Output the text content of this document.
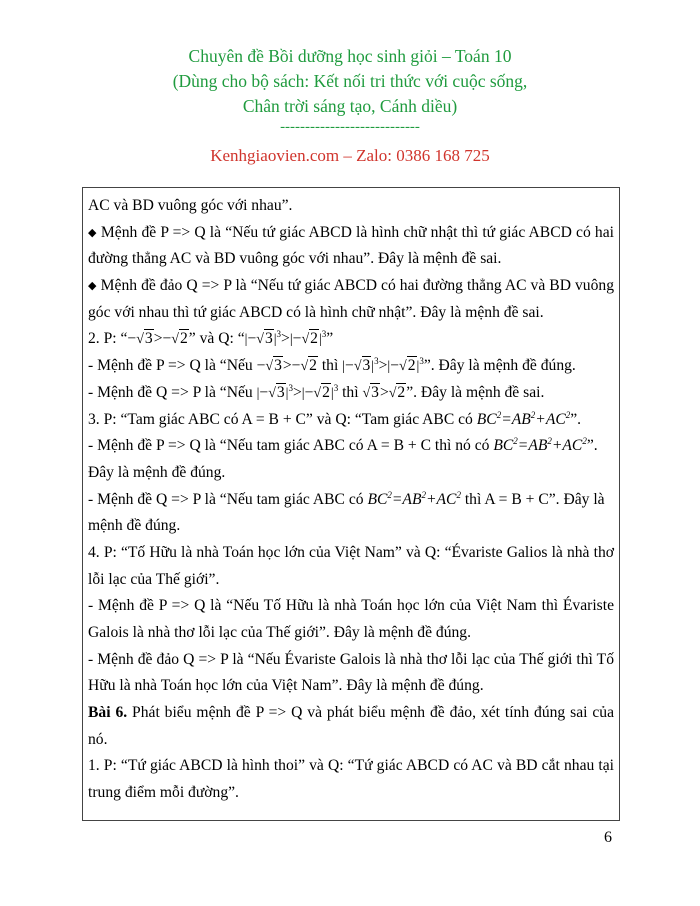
Chuyên đề Bồi dưỡng học sinh giỏi – Toán 10
(Dùng cho bộ sách: Kết nối tri thức với cuộc sống,
Chân trời sáng tạo, Cánh diều)
----------------------------
Kenhgiaovien.com – Zalo: 0386 168 725
AC và BD vuông góc với nhau”.
◆ Mệnh đề P => Q là “Nếu tứ giác ABCD là hình chữ nhật thì tứ giác ABCD có hai
đường thẳng AC và BD vuông góc với nhau”. Đây là mệnh đề sai.
◆ Mệnh đề đảo Q => P là “Nếu tứ giác ABCD có hai đường thẳng AC và BD vuông
góc với nhau thì tứ giác ABCD có là hình chữ nhật”. Đây là mệnh đề sai.
2. P: “−√3>−√2” và Q: “$|-√3|^3>|-√2|^3$”
- Mệnh đề P => Q là “Nếu −√3>−√2 thì $|-√3|^3>|-√2|^3$”. Đây là mệnh đề đúng.
- Mệnh đề Q => P là “Nếu $|-√3|^3>|-√2|^3$ thì √3>√2”. Đây là mệnh đề sai.
3. P: “Tam giác ABC có A = B + C” và Q: “Tam giác ABC có $BC^2=AB^2+AC^2$”.
- Mệnh đề P => Q là “Nếu tam giác ABC có A = B + C thì nó có $BC^2=AB^2+AC^2$”.
Đây là mệnh đề đúng.
- Mệnh đề Q => P là “Nếu tam giác ABC có $BC^2=AB^2+AC^2$ thì A = B + C”. Đây là
mệnh đề đúng.
4. P: “Tố Hữu là nhà Toán học lớn của Việt Nam” và Q: “Évariste Galios là nhà thơ
lỗi lạc của Thế giới”.
- Mệnh đề P => Q là “Nếu Tố Hữu là nhà Toán học lớn của Việt Nam thì Évariste
Galois là nhà thơ lỗi lạc của Thế giới”. Đây là mệnh đề đúng.
- Mệnh đề đảo Q => P là “Nếu Évariste Galois là nhà thơ lỗi lạc của Thế giới thì Tố
Hữu là nhà Toán học lớn của Việt Nam”. Đây là mệnh đề đúng.
Bài 6. Phát biểu mệnh đề P => Q và phát biểu mệnh đề đảo, xét tính đúng sai của
nó.
1. P: “Tứ giác ABCD là hình thoi” và Q: “Tứ giác ABCD có AC và BD cắt nhau tại
trung điểm mỗi đường”.
6
